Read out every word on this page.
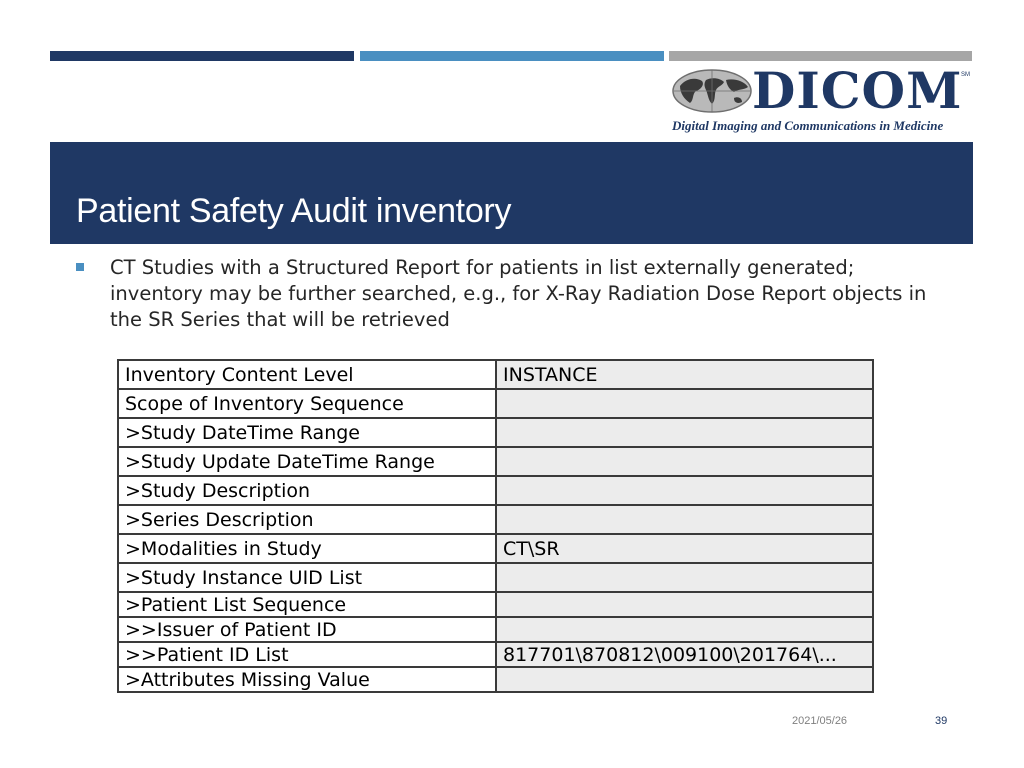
DICOM
SM
Digital Imaging and Communications in Medicine
Patient Safety Audit inventory
CT Studies with a Structured Report for patients in list externally generated; inventory may be further searched, e.g., for X-Ray Radiation Dose Report objects in the SR Series that will be retrieved
Inventory Content Level	INSTANCE
Scope of Inventory Sequence	
>Study DateTime Range	
>Study Update DateTime Range	
>Study Description	
>Series Description	
>Modalities in Study	CT\SR
>Study Instance UID List	
>Patient List Sequence	
>>Issuer of Patient ID	
>>Patient ID List	817701\870812\009100\201764\...
>Attributes Missing Value	
2021/05/26	39
